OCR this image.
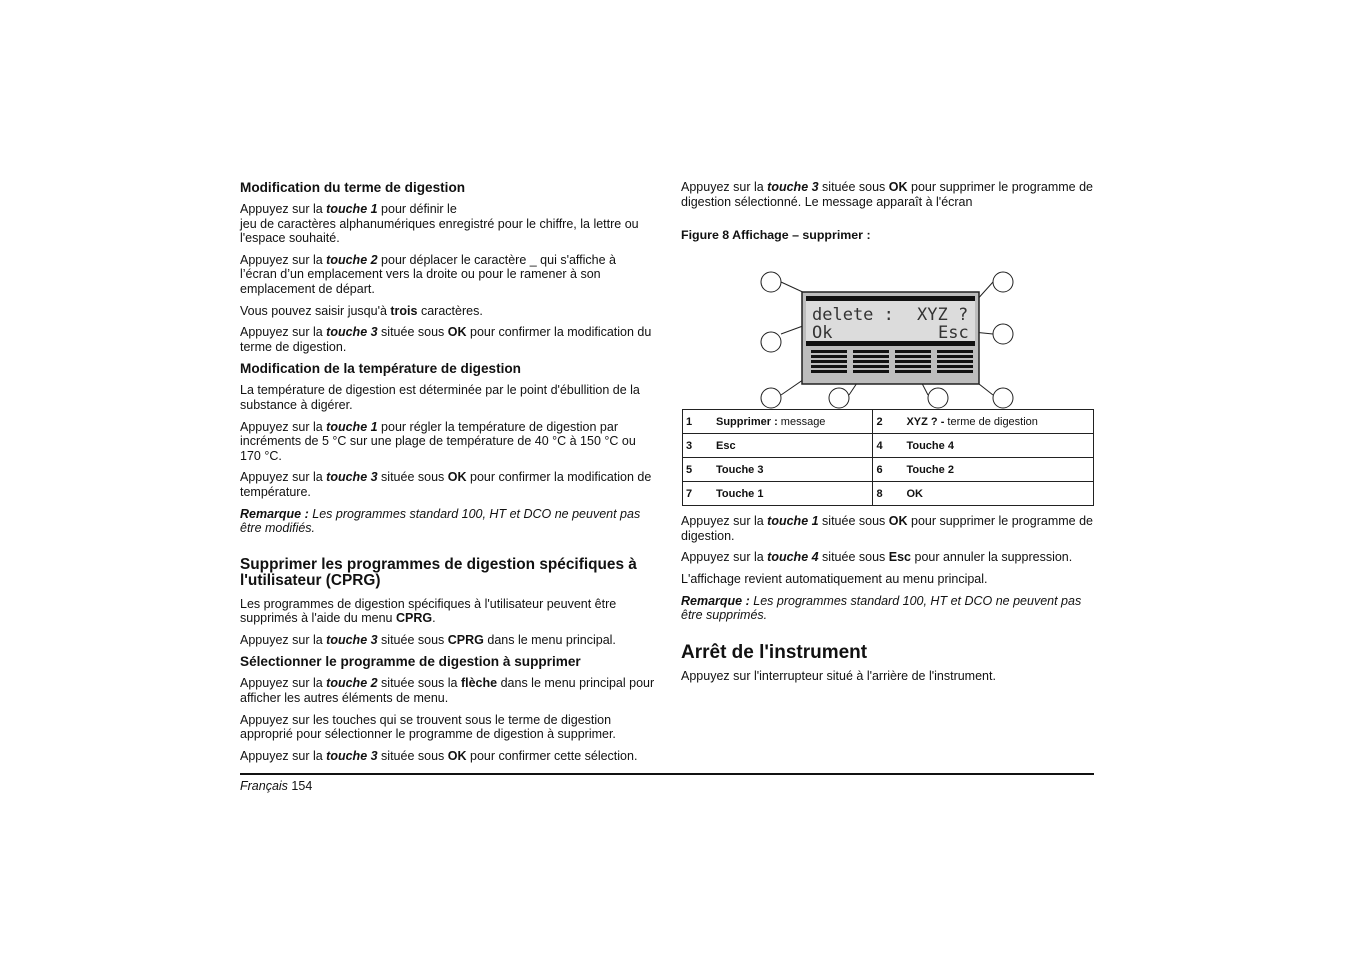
Modification du terme de digestion

Appuyez sur la touche 1 pour définir le
jeu de caractères alphanumériques enregistré pour le chiffre, la lettre ou l'espace souhaité.

Appuyez sur la touche 2 pour déplacer le caractère _ qui s'affiche à l’écran d’un emplacement vers la droite ou pour le ramener à son emplacement de départ.

Vous pouvez saisir jusqu'à trois caractères.

Appuyez sur la touche 3 située sous OK pour confirmer la modification du terme de digestion.

Modification de la température de digestion

La température de digestion est déterminée par le point d'ébullition de la substance à digérer.

Appuyez sur la touche 1 pour régler la température de digestion par incréments de 5 °C sur une plage de température de 40 °C à 150 °C ou 170 °C.

Appuyez sur la touche 3 située sous OK pour confirmer la modification de température.

Remarque : Les programmes standard 100, HT et DCO ne peuvent pas être modifiés.

Supprimer les programmes de digestion spécifiques à l'utilisateur (CPRG)

Les programmes de digestion spécifiques à l'utilisateur peuvent être supprimés à l'aide du menu CPRG.

Appuyez sur la touche 3 située sous CPRG dans le menu principal.

Sélectionner le programme de digestion à supprimer

Appuyez sur la touche 2 située sous la flèche dans le menu principal pour afficher les autres éléments de menu.

Appuyez sur les touches qui se trouvent sous le terme de digestion approprié pour sélectionner le programme de digestion à supprimer.

Appuyez sur la touche 3 située sous OK pour confirmer cette sélection.

Appuyez sur la touche 3 située sous OK pour supprimer le programme de digestion sélectionné. Le message apparaît à l'écran

Figure 8 Affichage – supprimer :
delete : XYZ ?
Ok	Esc
1	Supprimer : message	2	XYZ ? - terme de digestion
3	Esc	4	Touche 4
5	Touche 3	6	Touche 2
7	Touche 1	8	OK

Appuyez sur la touche 1 située sous OK pour supprimer le programme de digestion.

Appuyez sur la touche 4 située sous Esc pour annuler la suppression.

L'affichage revient automatiquement au menu principal.

Remarque : Les programmes standard 100, HT et DCO ne peuvent pas être supprimés.

Arrêt de l'instrument

Appuyez sur l'interrupteur situé à l'arrière de l'instrument.

Français 154
